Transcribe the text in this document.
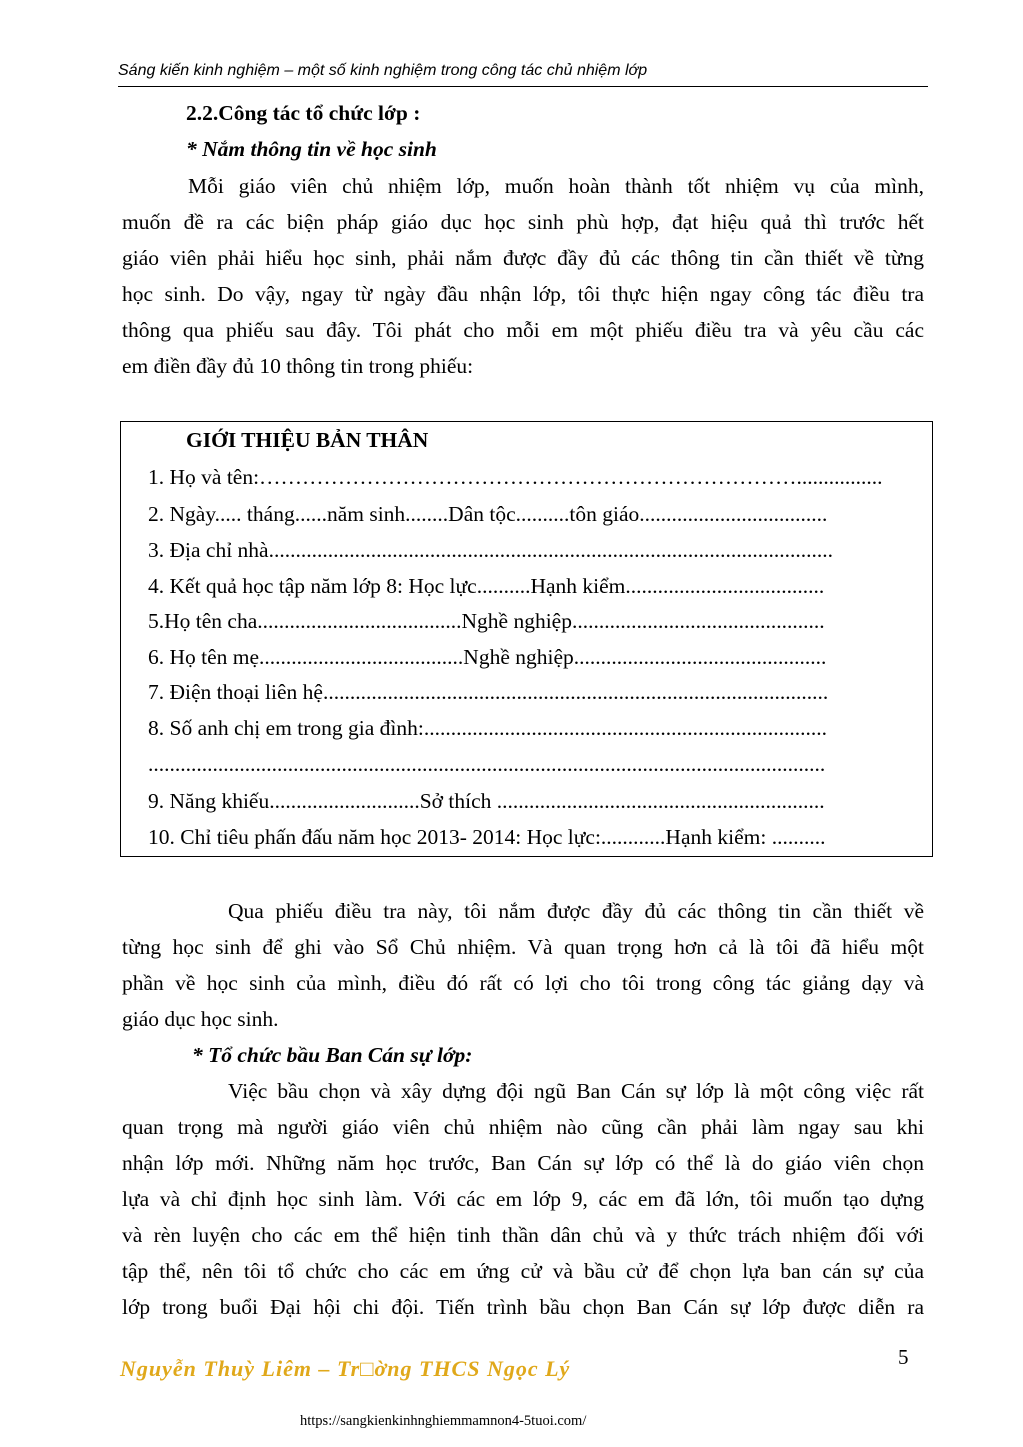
Sáng kiến kinh nghiệm – một số kinh nghiệm trong công tác chủ nhiệm lớp
2.2.Công tác tổ chức lớp :
* Nắm thông tin về học sinh
Mỗi giáo viên chủ nhiệm lớp, muốn hoàn thành tốt nhiệm vụ của mình,
muốn đề ra các biện pháp giáo dục học sinh phù hợp, đạt hiệu quả thì trước hết
giáo viên phải hiểu học sinh, phải nắm được đầy đủ các thông tin cần thiết về từng
học sinh. Do vậy, ngay từ ngày đầu nhận lớp, tôi thực hiện ngay công tác điều tra
thông qua phiếu sau đây. Tôi phát cho mỗi em một phiếu điều tra và yêu cầu các
em điền đầy đủ 10 thông tin trong phiếu:
GIỚI THIỆU BẢN THÂN
1. Họ và tên:…………………………………………………………………................
2. Ngày..... tháng......năm sinh........Dân tộc..........tôn giáo...................................
3. Địa chỉ nhà.........................................................................................................
4. Kết quả học tập năm lớp 8: Học lực..........Hạnh kiểm.....................................
5.Họ tên cha......................................Nghề nghiệp...............................................
6. Họ tên mẹ......................................Nghề nghiệp...............................................
7. Điện thoại liên hệ..............................................................................................
8. Số anh chị em trong gia đình:...........................................................................
..............................................................................................................................
9. Năng khiếu............................Sở thích .............................................................
10. Chỉ tiêu phấn đấu năm học 2013- 2014: Học lực:............Hạnh kiểm: ..........
Qua phiếu điều tra này, tôi nắm được đầy đủ các thông tin cần thiết về
từng học sinh để ghi vào Sổ Chủ nhiệm. Và quan trọng hơn cả là tôi đã hiểu một
phần về học sinh của mình, điều đó rất có lợi cho tôi trong công tác giảng dạy và
giáo dục học sinh.
* Tổ chức bầu Ban Cán sự lớp:
Việc bầu chọn và xây dựng đội ngũ Ban Cán sự lớp là một công việc rất
quan trọng mà người giáo viên chủ nhiệm nào cũng cần phải làm ngay sau khi
nhận lớp mới. Những năm học trước, Ban Cán sự lớp có thể là do giáo viên chọn
lựa và chỉ định học sinh làm. Với các em lớp 9, các em đã lớn, tôi muốn tạo dựng
và rèn luyện cho các em thể hiện tinh thần dân chủ và y thức trách nhiệm đối với
tập thể, nên tôi tổ chức cho các em ứng cử và bầu cử để chọn lựa ban cán sự của
lớp trong buổi Đại hội chi đội. Tiến trình bầu chọn Ban Cán sự lớp được diễn ra
5
Nguyễn Thuỳ Liêm – Tr□ờng THCS Ngọc Lý
https://sangkienkinhnghiemmamnon4-5tuoi.com/
